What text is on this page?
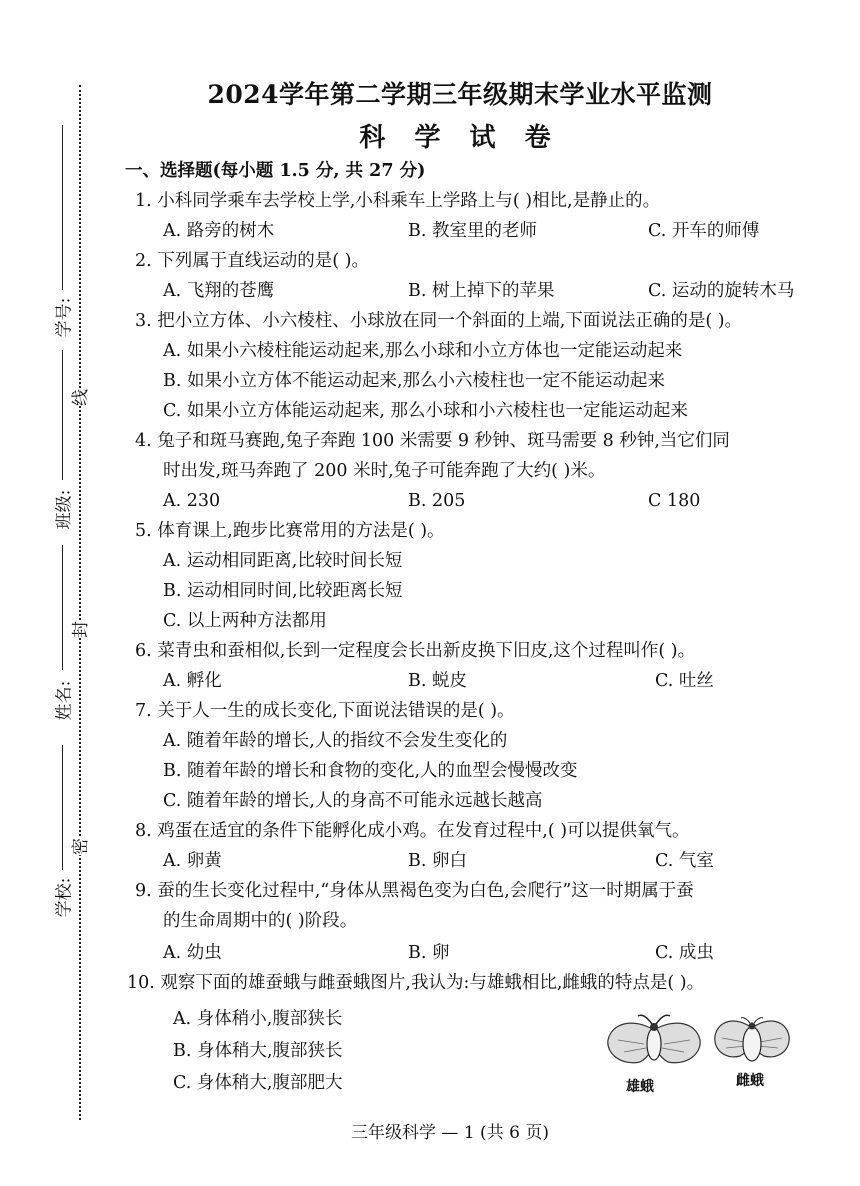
线
封
密
学号:
班级:
姓名:
学校:
2024学年第二学期三年级期末学业水平监测
科 学 试 卷
一、选择题(每小题 1.5 分, 共 27 分)
1. 小科同学乘车去学校上学,小科乘车上学路上与( )相比,是静止的。
A. 路旁的树木	B. 教室里的老师	C. 开车的师傅
2. 下列属于直线运动的是( )。
A. 飞翔的苍鹰	B. 树上掉下的苹果	C. 运动的旋转木马
3. 把小立方体、小六棱柱、小球放在同一个斜面的上端,下面说法正确的是( )。
A. 如果小六棱柱能运动起来,那么小球和小立方体也一定能运动起来
B. 如果小立方体不能运动起来,那么小六棱柱也一定不能运动起来
C. 如果小立方体能运动起来, 那么小球和小六棱柱也一定能运动起来
4. 兔子和斑马赛跑,兔子奔跑 100 米需要 9 秒钟、斑马需要 8 秒钟,当它们同
时出发,斑马奔跑了 200 米时,兔子可能奔跑了大约( )米。
A. 230	B. 205	C 180
5. 体育课上,跑步比赛常用的方法是( )。
A. 运动相同距离,比较时间长短
B. 运动相同时间,比较距离长短
C. 以上两种方法都用
6. 菜青虫和蚕相似,长到一定程度会长出新皮换下旧皮,这个过程叫作( )。
A. 孵化	B. 蜕皮	C. 吐丝
7. 关于人一生的成长变化,下面说法错误的是( )。
A. 随着年龄的增长,人的指纹不会发生变化的
B. 随着年龄的增长和食物的变化,人的血型会慢慢改变
C. 随着年龄的增长,人的身高不可能永远越长越高
8. 鸡蛋在适宜的条件下能孵化成小鸡。在发育过程中,( )可以提供氧气。
A. 卵黄	B. 卵白	C. 气室
9. 蚕的生长变化过程中,“身体从黑褐色变为白色,会爬行”这一时期属于蚕
的生命周期中的( )阶段。
A. 幼虫	B. 卵	C. 成虫
10. 观察下面的雄蚕蛾与雌蚕蛾图片,我认为:与雄蛾相比,雌蛾的特点是( )。
A. 身体稍小,腹部狭长
B. 身体稍大,腹部狭长
C. 身体稍大,腹部肥大	雄蛾	雌蛾
三年级科学 — 1 (共 6 页)
